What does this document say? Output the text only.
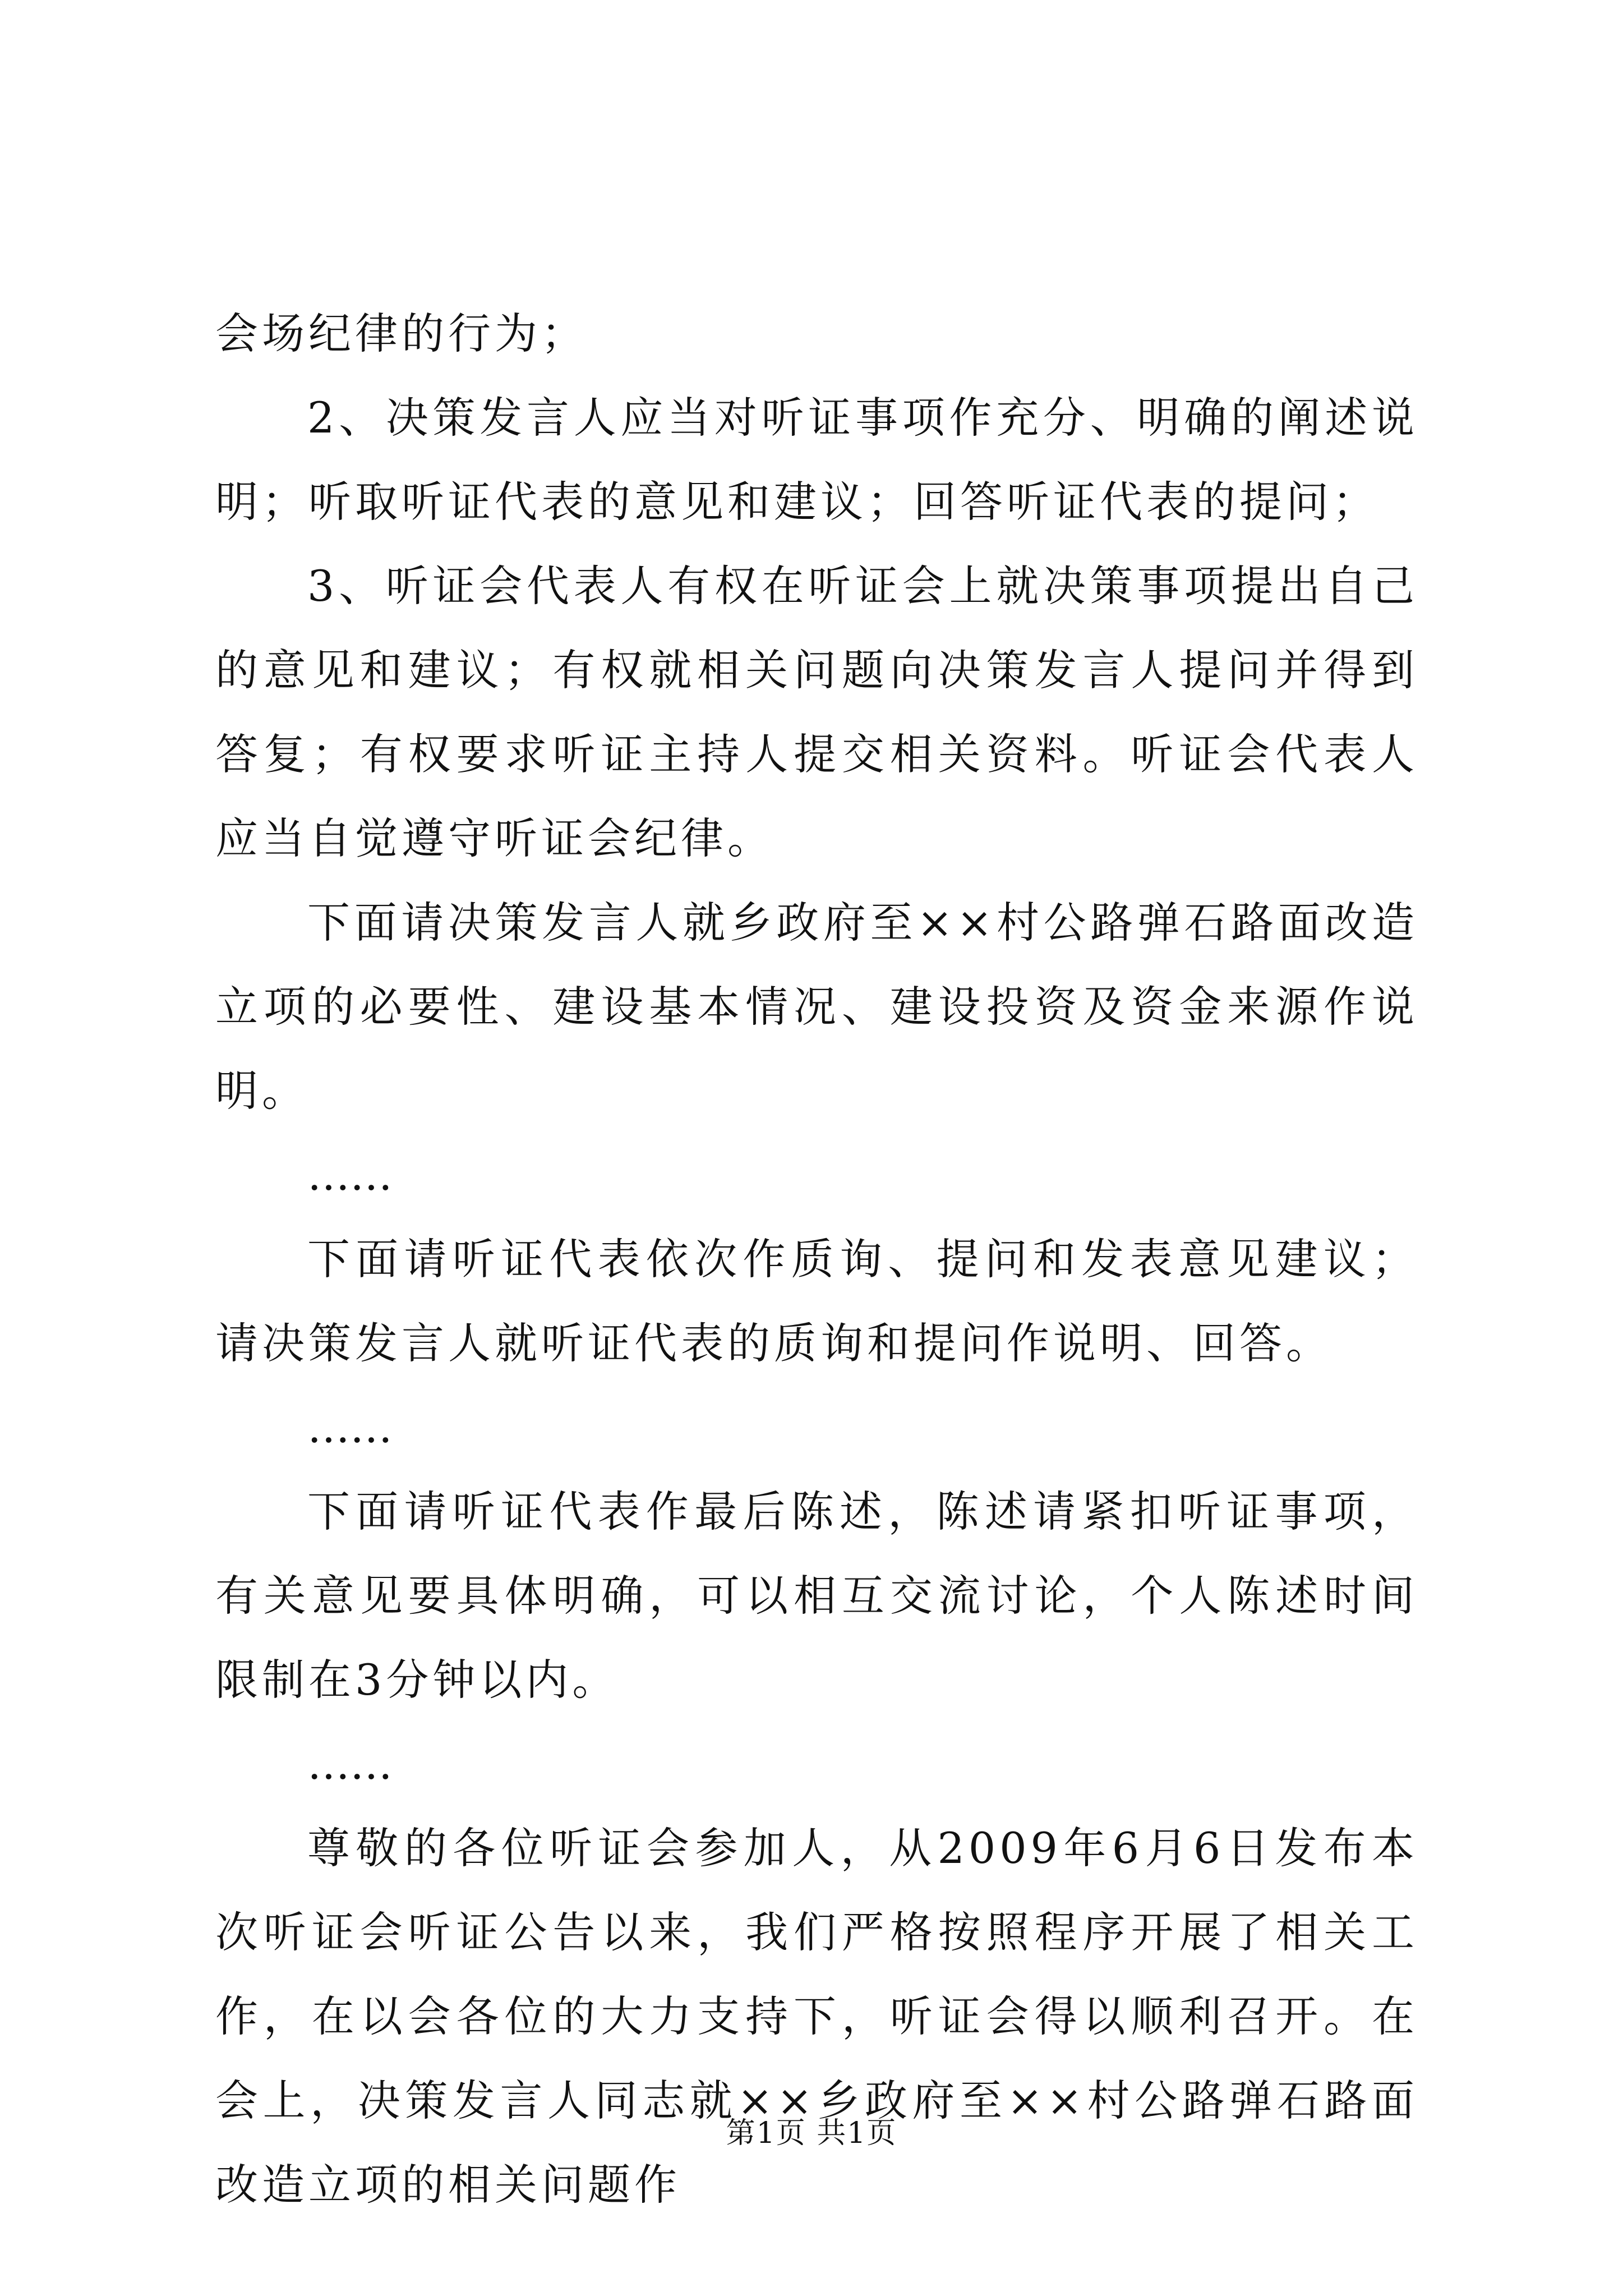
会场纪律的行为；

2、决策发言人应当对听证事项作充分、明确的阐述说明；听取听证代表的意见和建议；回答听证代表的提问；

3、听证会代表人有权在听证会上就决策事项提出自己的意见和建议；有权就相关问题向决策发言人提问并得到答复；有权要求听证主持人提交相关资料。听证会代表人应当自觉遵守听证会纪律。

下面请决策发言人就乡政府至××村公路弹石路面改造立项的必要性、建设基本情况、建设投资及资金来源作说明。

……

下面请听证代表依次作质询、提问和发表意见建议；请决策发言人就听证代表的质询和提问作说明、回答。

……

下面请听证代表作最后陈述，陈述请紧扣听证事项，有关意见要具体明确，可以相互交流讨论，个人陈述时间限制在3分钟以内。

……

尊敬的各位听证会参加人，从2009年6月6日发布本次听证会听证公告以来，我们严格按照程序开展了相关工作，在以会各位的大力支持下，听证会得以顺利召开。在会上，决策发言人同志就××乡政府至××村公路弹石路面改造立项的相关问题作

第1页 共1页
